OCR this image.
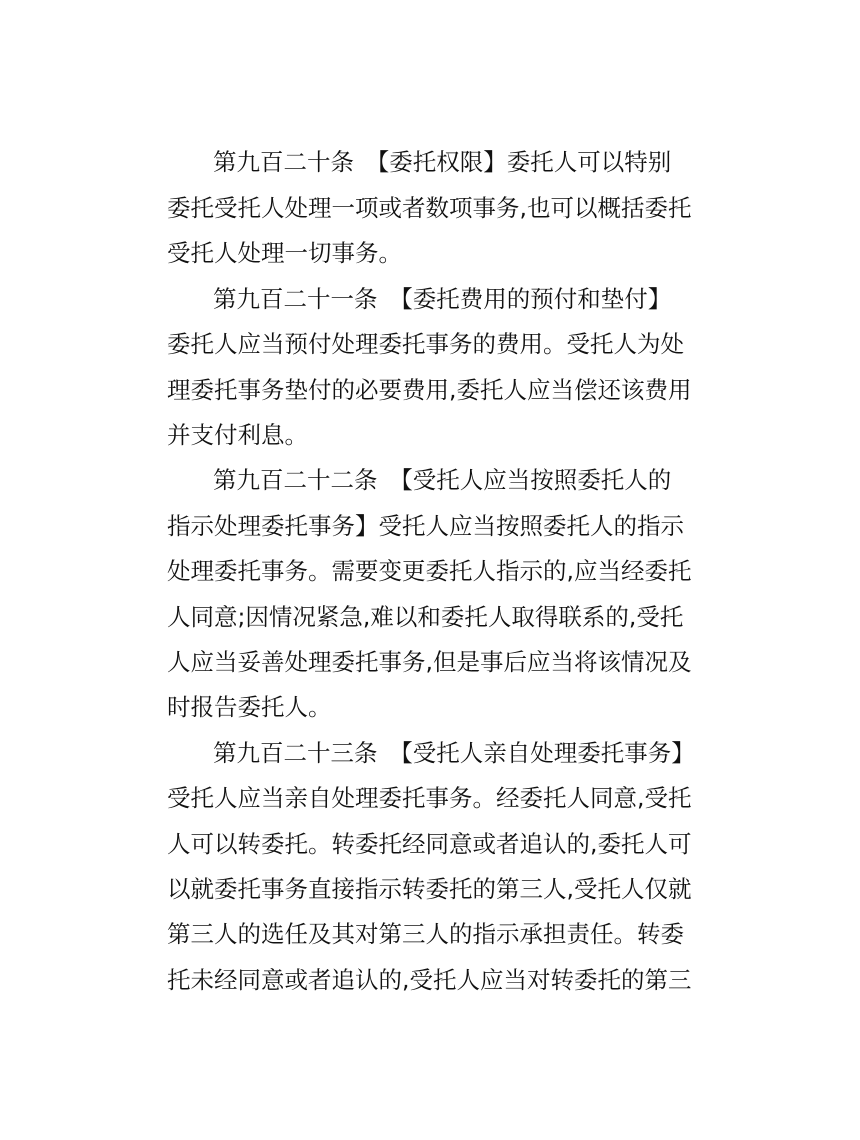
第九百二十条　【委托权限】委托人可以特别
委托受托人处理一项或者数项事务,也可以概括委托
受托人处理一切事务。
第九百二十一条　【委托费用的预付和垫付】
委托人应当预付处理委托事务的费用。受托人为处
理委托事务垫付的必要费用,委托人应当偿还该费用
并支付利息。
第九百二十二条　【受托人应当按照委托人的
指示处理委托事务】受托人应当按照委托人的指示
处理委托事务。需要变更委托人指示的,应当经委托
人同意;因情况紧急,难以和委托人取得联系的,受托
人应当妥善处理委托事务,但是事后应当将该情况及
时报告委托人。
第九百二十三条　【受托人亲自处理委托事务】
受托人应当亲自处理委托事务。经委托人同意,受托
人可以转委托。转委托经同意或者追认的,委托人可
以就委托事务直接指示转委托的第三人,受托人仅就
第三人的选任及其对第三人的指示承担责任。转委
托未经同意或者追认的,受托人应当对转委托的第三
